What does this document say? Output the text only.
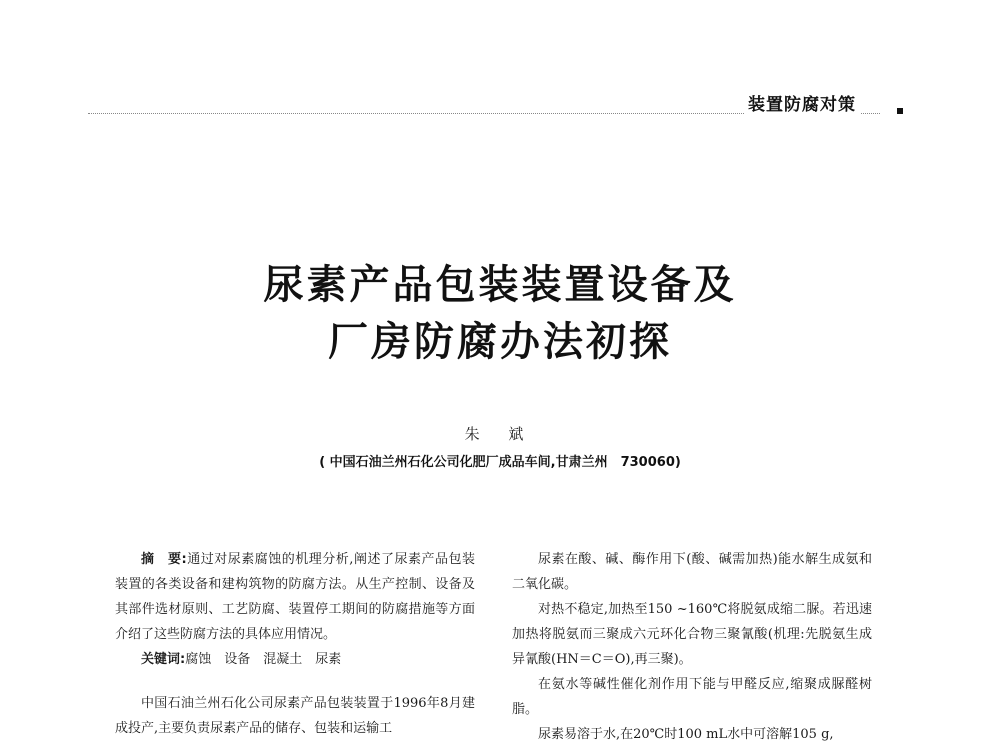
装置防腐对策
尿素产品包装装置设备及
厂房防腐办法初探
朱 斌
( 中国石油兰州石化公司化肥厂成品车间,甘肃兰州　730060)

摘　要:通过对尿素腐蚀的机理分析,阐述了尿素产品包装装置的各类设备和建构筑物的防腐方法。从生产控制、设备及其部件选材原则、工艺防腐、装置停工期间的防腐措施等方面介绍了这些防腐方法的具体应用情况。

关键词:腐蚀　设备　混凝土　尿素

中国石油兰州石化公司尿素产品包装装置于1996年8月建成投产,主要负责尿素产品的储存、包装和运输工

尿素在酸、碱、酶作用下(酸、碱需加热)能水解生成氨和二氧化碳。

对热不稳定,加热至150 ~160℃将脱氨成缩二脲。若迅速加热将脱氨而三聚成六元环化合物三聚氰酸(机理:先脱氨生成异氰酸(HN＝C＝O),再三聚)。

在氨水等碱性催化剂作用下能与甲醛反应,缩聚成脲醛树脂。

尿素易溶于水,在20℃时100 mL水中可溶解105 g,
